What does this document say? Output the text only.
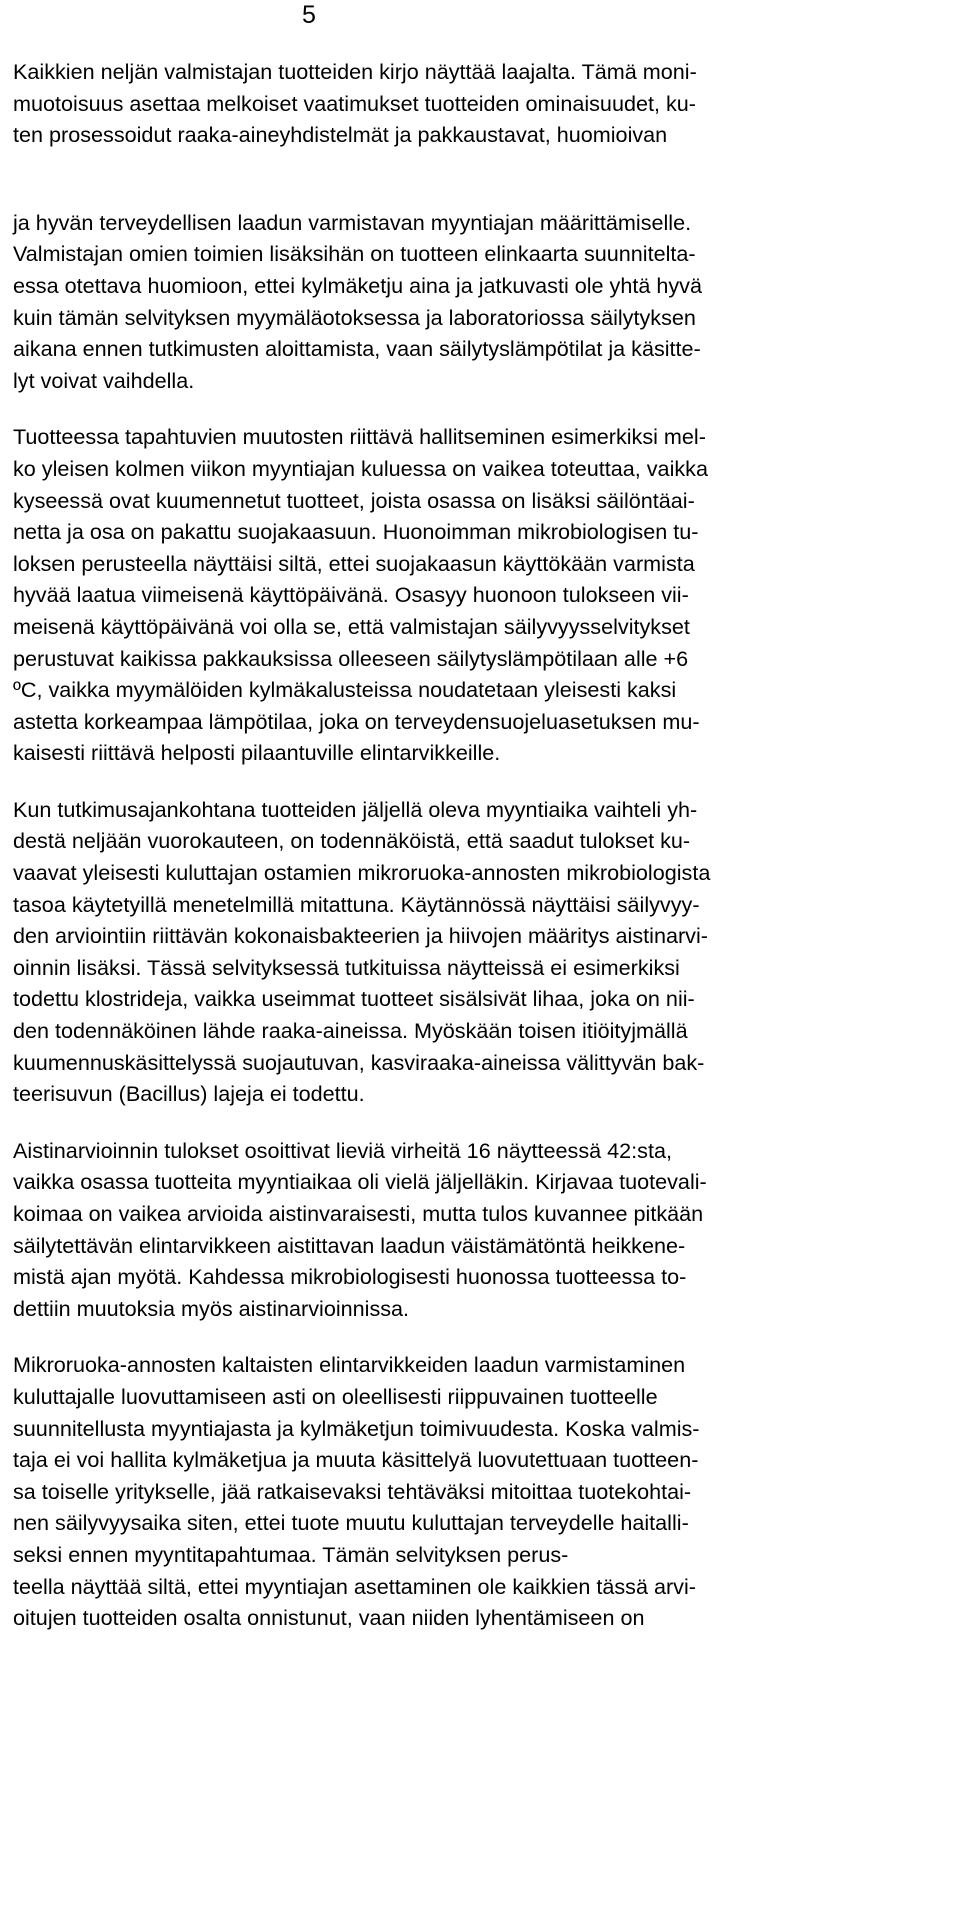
5
Kaikkien neljän valmistajan tuotteiden kirjo näyttää laajalta. Tämä moni-
muotoisuus asettaa melkoiset vaatimukset tuotteiden ominaisuudet, ku-
ten prosessoidut raaka-aineyhdistelmät ja pakkaustavat, huomioivan
ja hyvän terveydellisen laadun varmistavan myyntiajan määrittämiselle.
Valmistajan omien toimien lisäksihän on tuotteen elinkaarta suunnitelta-
essa otettava huomioon, ettei kylmäketju aina ja jatkuvasti ole yhtä hyvä
kuin tämän selvityksen myymäläotoksessa ja laboratoriossa säilytyksen
aikana ennen tutkimusten aloittamista, vaan säilytyslämpötilat ja käsitte-
lyt voivat vaihdella.
Tuotteessa tapahtuvien muutosten riittävä hallitseminen esimerkiksi mel-
ko yleisen kolmen viikon myyntiajan kuluessa on vaikea toteuttaa, vaikka
kyseessä ovat kuumennetut tuotteet, joista osassa on lisäksi säilöntäai-
netta ja osa on pakattu suojakaasuun. Huonoimman mikrobiologisen tu-
loksen perusteella näyttäisi siltä, ettei suojakaasun käyttökään varmista
hyvää laatua viimeisenä käyttöpäivänä. Osasyy huonoon tulokseen vii-
meisenä käyttöpäivänä voi olla se, että valmistajan säilyvyysselvitykset
perustuvat kaikissa pakkauksissa olleeseen säilytyslämpötilaan alle +6
ºC, vaikka myymälöiden kylmäkalusteissa noudatetaan yleisesti kaksi
astetta korkeampaa lämpötilaa, joka on terveydensuojeluasetuksen mu-
kaisesti riittävä helposti pilaantuville elintarvikkeille.
Kun tutkimusajankohtana tuotteiden jäljellä oleva myyntiaika vaihteli yh-
destä neljään vuorokauteen, on todennäköistä, että saadut tulokset ku-
vaavat yleisesti kuluttajan ostamien mikroruoka-annosten mikrobiologista
tasoa käytetyillä menetelmillä mitattuna. Käytännössä näyttäisi säilyvyy-
den arviointiin riittävän kokonaisbakteerien ja hiivojen määritys aistinarvi-
oinnin lisäksi. Tässä selvityksessä tutkituissa näytteissä ei esimerkiksi
todettu klostrideja, vaikka useimmat tuotteet sisälsivät lihaa, joka on nii-
den todennäköinen lähde raaka-aineissa. Myöskään toisen itiöityjmällä
kuumennuskäsittelyssä suojautuvan, kasviraaka-aineissa välittyvän bak-
teerisuvun (Bacillus) lajeja ei todettu.
Aistinarvioinnin tulokset osoittivat lieviä virheitä 16 näytteessä 42:sta,
vaikka osassa tuotteita myyntiaikaa oli vielä jäljelläkin. Kirjavaa tuotevali-
koimaa on vaikea arvioida aistinvaraisesti, mutta tulos kuvannee pitkään
säilytettävän elintarvikkeen aistittavan laadun väistämätöntä heikkene-
mistä ajan myötä. Kahdessa mikrobiologisesti huonossa tuotteessa to-
dettiin muutoksia myös aistinarvioinnissa.
Mikroruoka-annosten kaltaisten elintarvikkeiden laadun varmistaminen
kuluttajalle luovuttamiseen asti on oleellisesti riippuvainen tuotteelle
suunnitellusta myyntiajasta ja kylmäketjun toimivuudesta. Koska valmis-
taja ei voi hallita kylmäketjua ja muuta käsittelyä luovutettuaan tuotteen-
sa toiselle yritykselle, jää ratkaisevaksi tehtäväksi mitoittaa tuotekohtai-
nen säilyvyysaika siten, ettei tuote muutu kuluttajan terveydelle haitalli-
seksi ennen myyntitapahtumaa. Tämän selvityksen perus-
teella näyttää siltä, ettei myyntiajan asettaminen ole kaikkien tässä arvi-
oitujen tuotteiden osalta onnistunut, vaan niiden lyhentämiseen on
